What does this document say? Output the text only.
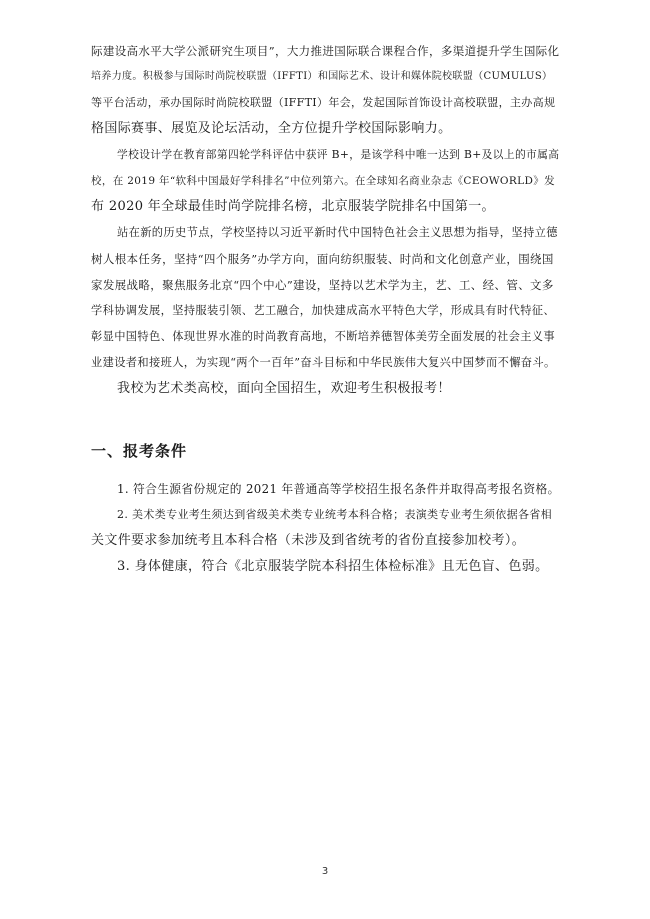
际建设高水平大学公派研究生项目”，大力推进国际联合课程合作，多渠道提升学生国际化
培养力度。积极参与国际时尚院校联盟（IFFTI）和国际艺术、设计和媒体院校联盟（CUMULUS）
等平台活动，承办国际时尚院校联盟（IFFTI）年会，发起国际首饰设计高校联盟，主办高规
格国际赛事、展览及论坛活动，全方位提升学校国际影响力。

学校设计学在教育部第四轮学科评估中获评 B+，是该学科中唯一达到 B+及以上的市属高
校，在 2019 年“软科中国最好学科排名”中位列第六。在全球知名商业杂志《CEOWORLD》发
布 2020 年全球最佳时尚学院排名榜，北京服装学院排名中国第一。

站在新的历史节点，学校坚持以习近平新时代中国特色社会主义思想为指导，坚持立德
树人根本任务，坚持“四个服务”办学方向，面向纺织服装、时尚和文化创意产业，围绕国
家发展战略，聚焦服务北京“四个中心”建设，坚持以艺术学为主，艺、工、经、管、文多
学科协调发展，坚持服装引领、艺工融合，加快建成高水平特色大学，形成具有时代特征、
彰显中国特色、体现世界水准的时尚教育高地，不断培养德智体美劳全面发展的社会主义事
业建设者和接班人，为实现“两个一百年”奋斗目标和中华民族伟大复兴中国梦而不懈奋斗。

我校为艺术类高校，面向全国招生，欢迎考生积极报考！

一、报考条件

1. 符合生源省份规定的 2021 年普通高等学校招生报名条件并取得高考报名资格。

2. 美术类专业考生须达到省级美术类专业统考本科合格；表演类专业考生须依据各省相
关文件要求参加统考且本科合格（未涉及到省统考的省份直接参加校考）。

3. 身体健康，符合《北京服装学院本科招生体检标准》且无色盲、色弱。

3
